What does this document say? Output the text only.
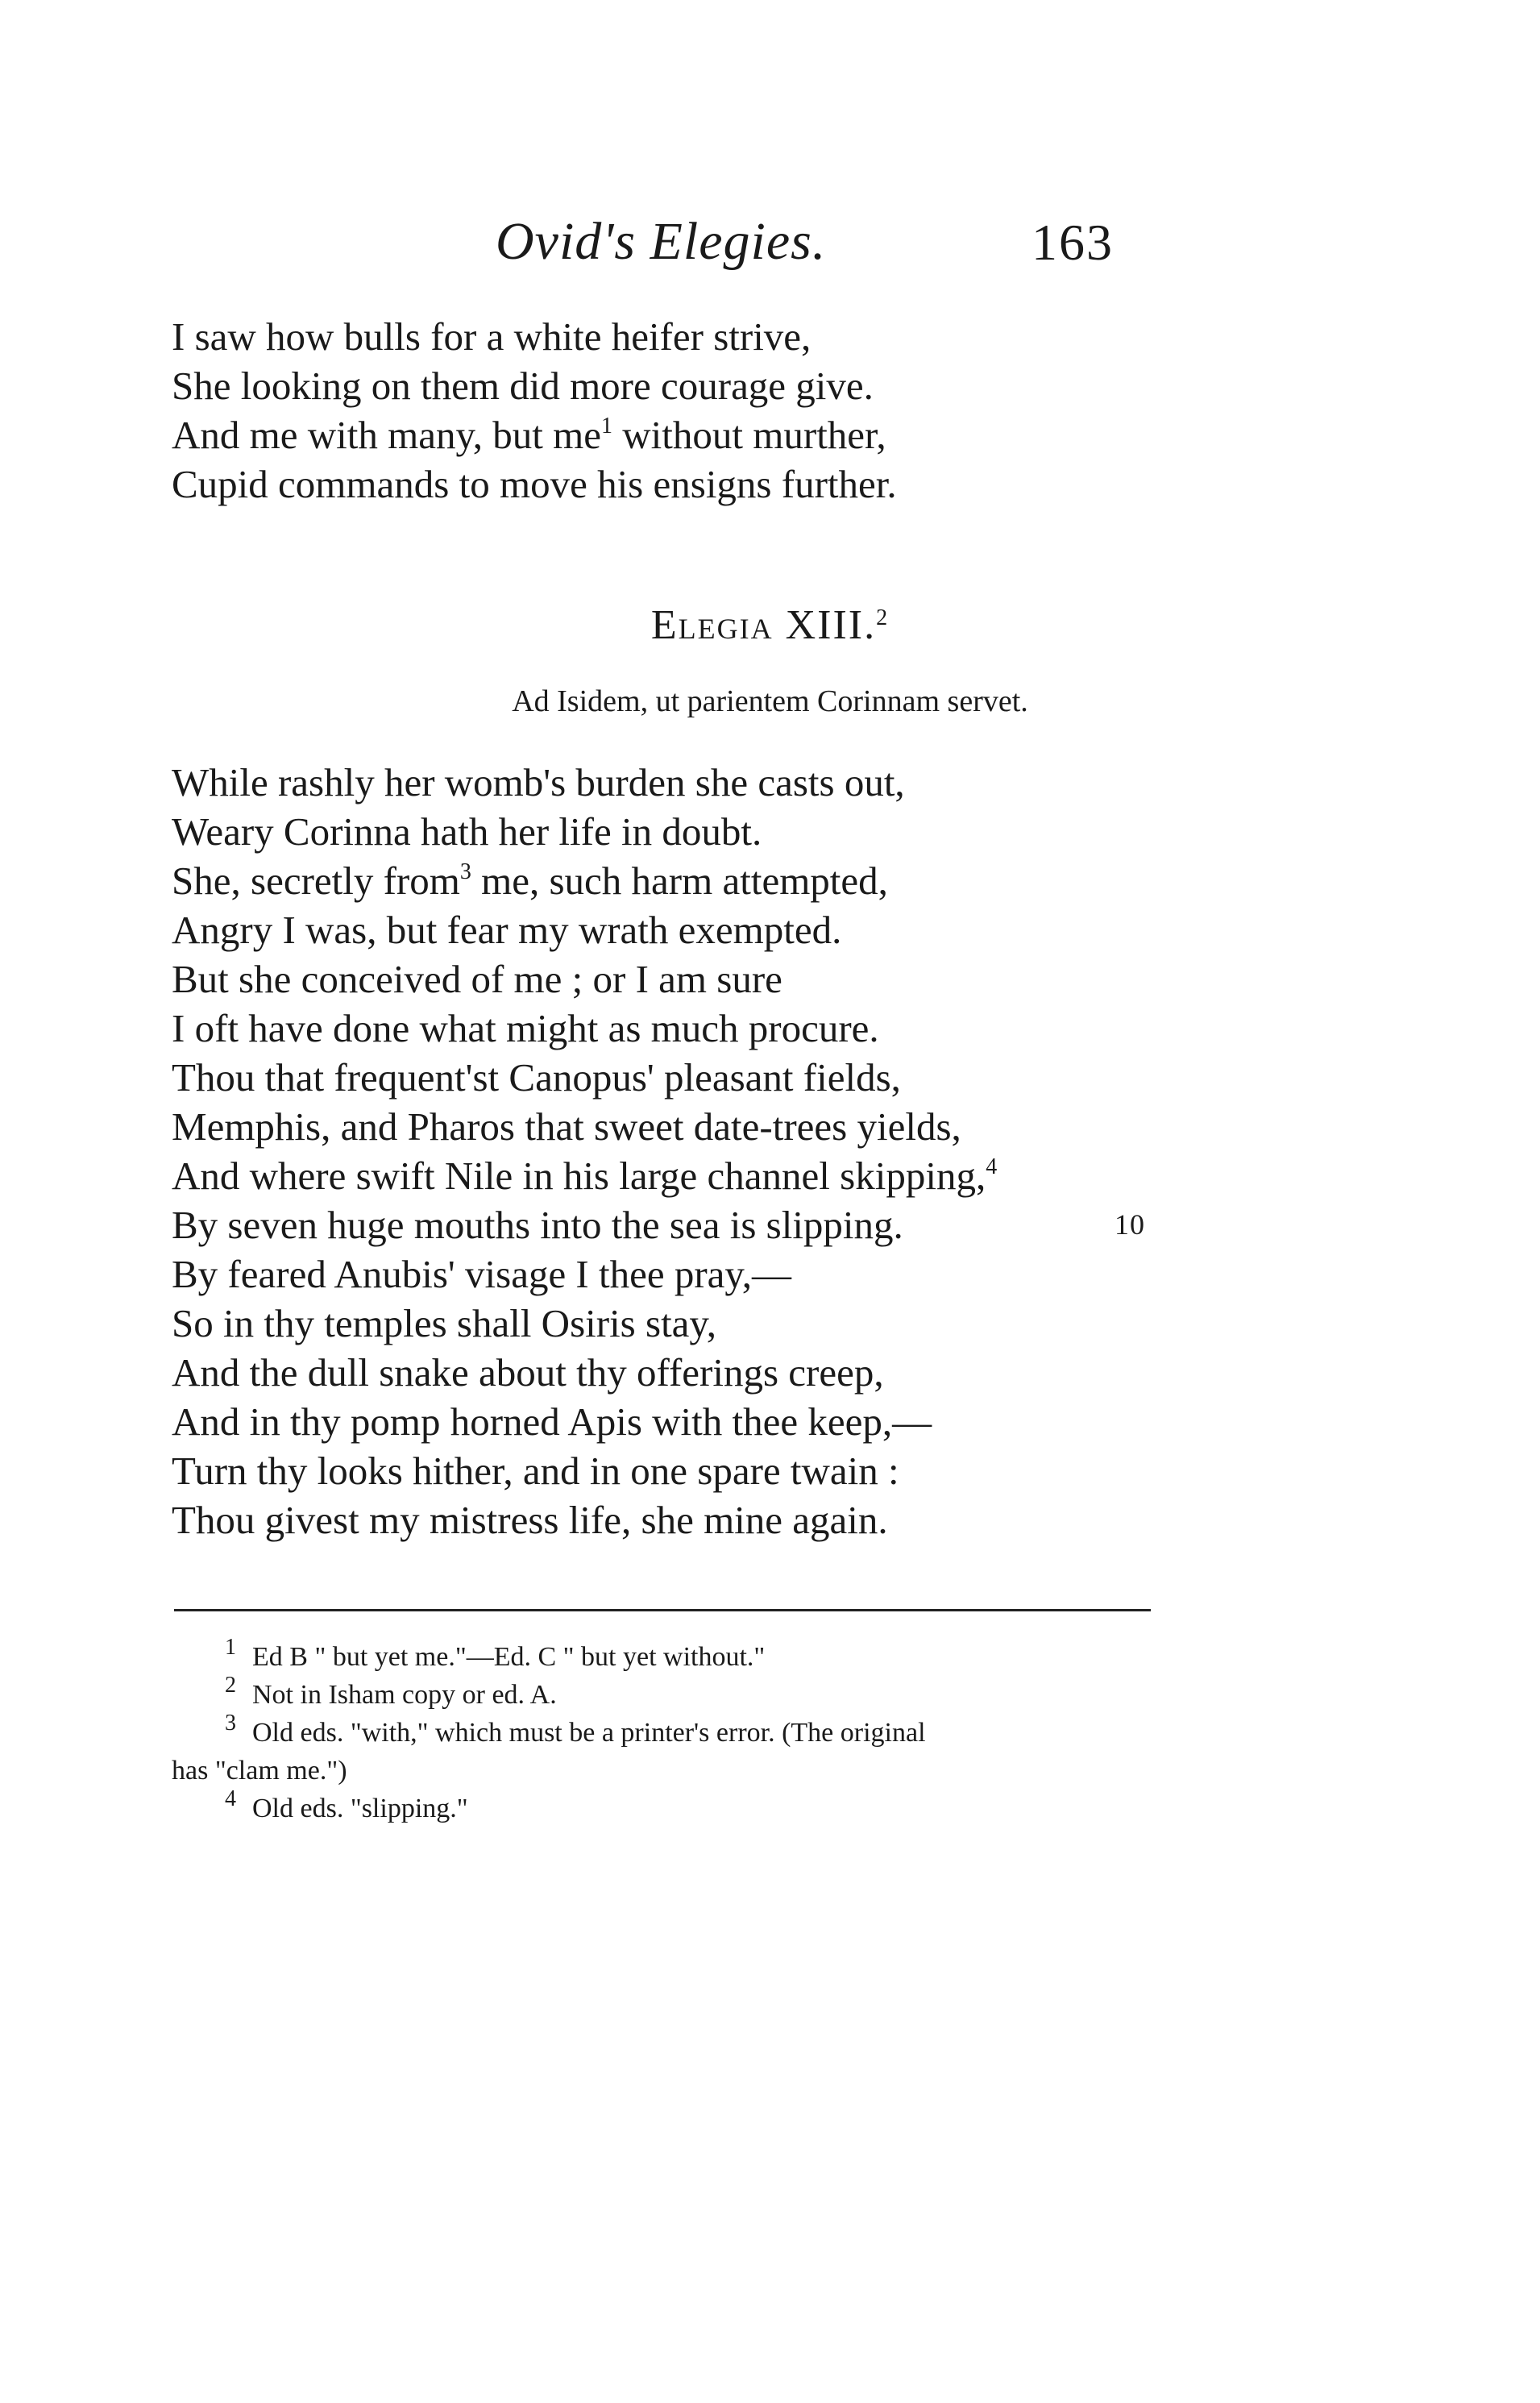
Ovid's Elegies.	163
I saw how bulls for a white heifer strive,
She looking on them did more courage give.
And me with many, but $me^1$ without murther,
Cupid commands to move his ensigns further.
Elegia XIII.$^2$
Ad Isidem, ut parientem Corinnam servet.
While rashly her womb's burden she casts out,
Weary Corinna hath her life in doubt.
She, secretly from$^3$ me, such harm attempted,
Angry I was, but fear my wrath exempted.
But she conceived of me ; or I am sure
I oft have done what might as much procure.
Thou that frequent'st Canopus' pleasant fields,
Memphis, and Pharos that sweet date-trees yields,
And where swift Nile in his large channel skipping,$^4$
By seven huge mouths into the sea is slipping.	10
By feared Anubis' visage I thee pray,—
So in thy temples shall Osiris stay,
And the dull snake about thy offerings creep,
And in thy pomp horned Apis with thee keep,—
Turn thy looks hither, and in one spare twain :
Thou givest my mistress life, she mine again.
$^1$ Ed B " but yet me."—Ed. C " but yet without."
$^2$ Not in Isham copy or ed. A.
$^3$ Old eds. "with," which must be a printer's error. (The original
has "clam me.")
$^4$ Old eds. "slipping."
